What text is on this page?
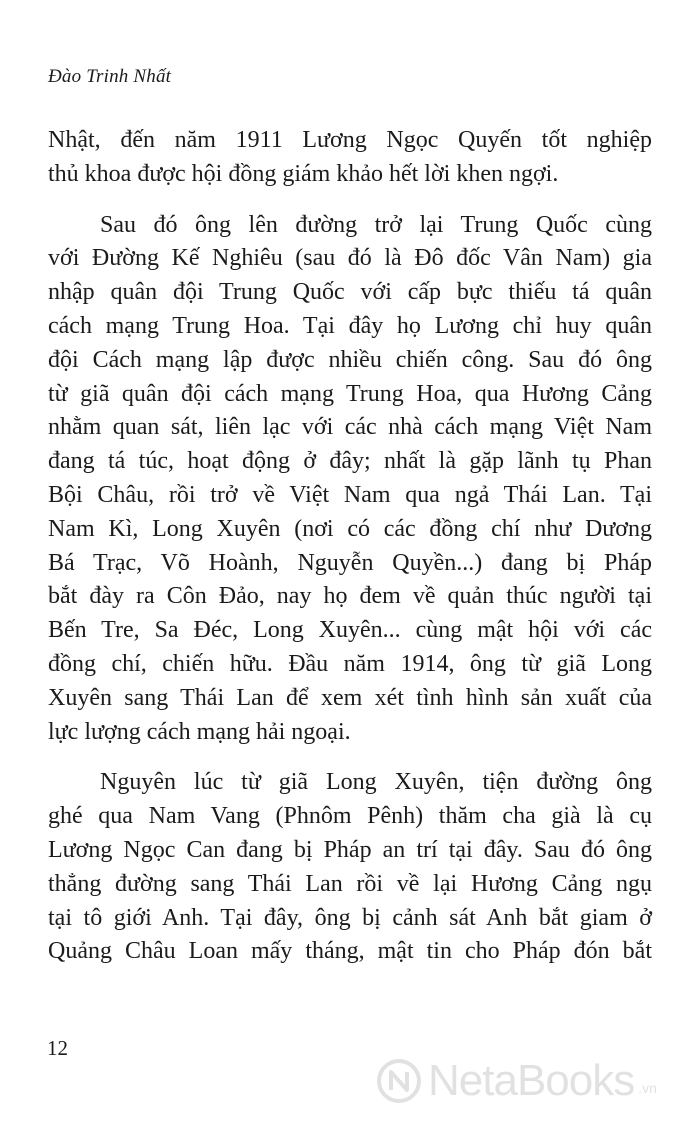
Đào Trinh Nhất
Nhật, đến năm 1911 Lương Ngọc Quyến tốt nghiệp
thủ khoa được hội đồng giám khảo hết lời khen ngợi.
Sau đó ông lên đường trở lại Trung Quốc cùng
với Đường Kế Nghiêu (sau đó là Đô đốc Vân Nam) gia
nhập quân đội Trung Quốc với cấp bực thiếu tá quân
cách mạng Trung Hoa. Tại đây họ Lương chỉ huy quân
đội Cách mạng lập được nhiều chiến công. Sau đó ông
từ giã quân đội cách mạng Trung Hoa, qua Hương Cảng
nhằm quan sát, liên lạc với các nhà cách mạng Việt Nam
đang tá túc, hoạt động ở đây; nhất là gặp lãnh tụ Phan
Bội Châu, rồi trở về Việt Nam qua ngả Thái Lan. Tại
Nam Kì, Long Xuyên (nơi có các đồng chí như Dương
Bá Trạc, Võ Hoành, Nguyễn Quyền...) đang bị Pháp
bắt đày ra Côn Đảo, nay họ đem về quản thúc người tại
Bến Tre, Sa Đéc, Long Xuyên... cùng mật hội với các
đồng chí, chiến hữu. Đầu năm 1914, ông từ giã Long
Xuyên sang Thái Lan để xem xét tình hình sản xuất của
lực lượng cách mạng hải ngoại.
Nguyên lúc từ giã Long Xuyên, tiện đường ông
ghé qua Nam Vang (Phnôm Pênh) thăm cha già là cụ
Lương Ngọc Can đang bị Pháp an trí tại đây. Sau đó ông
thẳng đường sang Thái Lan rồi về lại Hương Cảng ngụ
tại tô giới Anh. Tại đây, ông bị cảnh sát Anh bắt giam ở
Quảng Châu Loan mấy tháng, mật tin cho Pháp đón bắt
12
NetaBooks .vn
